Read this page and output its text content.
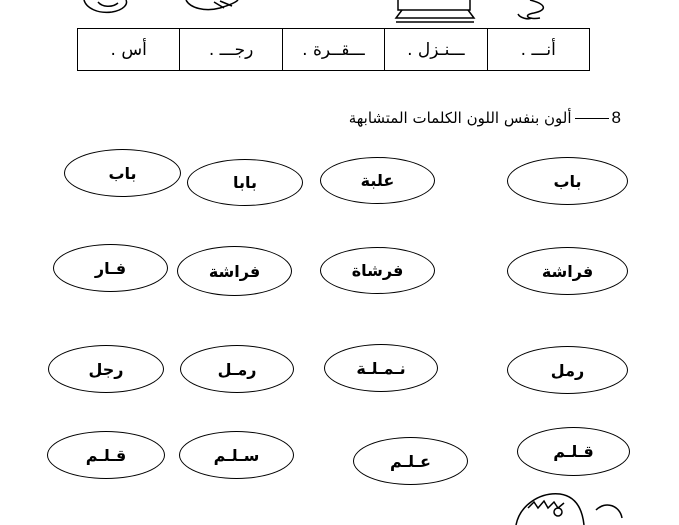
أس .	رجـــ .	ـــقــرة .	ـــنـزل .	أنـــ .
8ألون بنفس اللون الكلمات المتشابهة
باب
علبة
بابا
باب
فراشة
فرشاة
فراشة
فـار
رمل
نـمـلـة
رمـل
رجل
قـلـم
عـلـم
سـلـم
قـلـم
